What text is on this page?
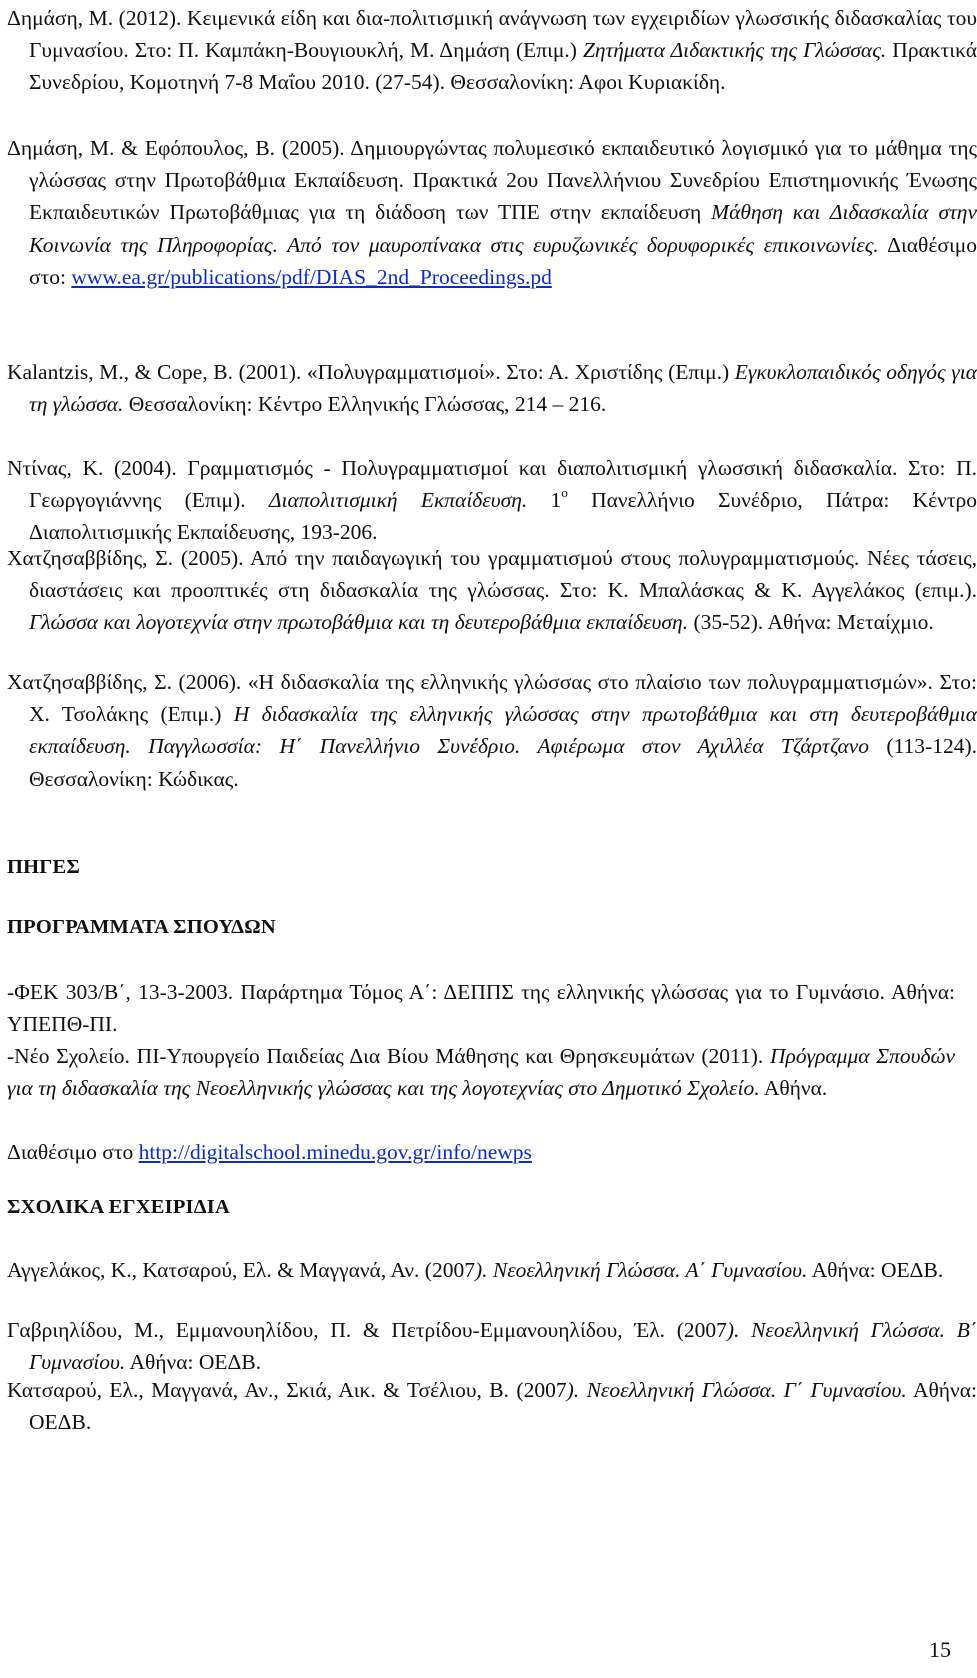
Δημάση, Μ. (2012). Κειμενικά είδη και δια-πολιτισμική ανάγνωση των εγχειριδίων γλωσσικής διδασκαλίας του Γυμνασίου. Στο: Π. Καμπάκη-Βουγιουκλή, Μ. Δημάση (Επιμ.) Ζητήματα Διδακτικής της Γλώσσας. Πρακτικά Συνεδρίου, Κομοτηνή 7-8 Μαΐου 2010. (27-54). Θεσσαλονίκη: Αφοι Κυριακίδη.

Δημάση, Μ. & Εφόπουλος, Β. (2005). Δημιουργώντας πολυμεσικό εκπαιδευτικό λογισμικό για το μάθημα της γλώσσας στην Πρωτοβάθμια Εκπαίδευση. Πρακτικά 2ου Πανελλήνιου Συνεδρίου Επιστημονικής Ένωσης Εκπαιδευτικών Πρωτοβάθμιας για τη διάδοση των ΤΠΕ στην εκπαίδευση Μάθηση και Διδασκαλία στην Κοινωνία της Πληροφορίας. Από τον μαυροπίνακα στις ευρυζωνικές δορυφορικές επικοινωνίες. Διαθέσιμο στο: www.ea.gr/publications/pdf/DIAS_2nd_Proceedings.pd

Kalantzis, M., & Cope, B. (2001). «Πολυγραμματισμοί». Στο: Α. Χριστίδης (Επιμ.) Εγκυκλοπαιδικός οδηγός για τη γλώσσα. Θεσσαλονίκη: Κέντρο Ελληνικής Γλώσσας, 214 – 216.

Ντίνας, Κ. (2004). Γραμματισμός - Πολυγραμματισμοί και διαπολιτισμική γλωσσική διδασκαλία. Στο: Π. Γεωργογιάννης (Επιμ). Διαπολιτισμική Εκπαίδευση. $1^o$ Πανελλήνιο Συνέδριο, Πάτρα: Κέντρο Διαπολιτισμικής Εκπαίδευσης, 193-206.

Χατζησαββίδης, Σ. (2005). Από την παιδαγωγική του γραμματισμού στους πολυγραμματισμούς. Νέες τάσεις, διαστάσεις και προοπτικές στη διδασκαλία της γλώσσας. Στο: Κ. Μπαλάσκας & Κ. Αγγελάκος (επιμ.). Γλώσσα και λογοτεχνία στην πρωτοβάθμια και τη δευτεροβάθμια εκπαίδευση. (35-52). Αθήνα: Μεταίχμιο.

Χατζησαββίδης, Σ. (2006). «Η διδασκαλία της ελληνικής γλώσσας στο πλαίσιο των πολυγραμματισμών». Στο: Χ. Τσολάκης (Επιμ.) Η διδασκαλία της ελληνικής γλώσσας στην πρωτοβάθμια και στη δευτεροβάθμια εκπαίδευση. Παγγλωσσία: Η΄ Πανελλήνιο Συνέδριο. Αφιέρωμα στον Αχιλλέα Τζάρτζανο (113-124). Θεσσαλονίκη: Κώδικας.

ΠΗΓΕΣ
ΠΡΟΓΡΑΜΜΑΤΑ ΣΠΟΥΔΩΝ

-ΦΕΚ 303/Β΄, 13-3-2003. Παράρτημα Τόμος Α΄: ΔΕΠΠΣ της ελληνικής γλώσσας για το Γυμνάσιο. Αθήνα: ΥΠΕΠΘ-ΠΙ.

-Νέο Σχολείο. ΠΙ-Υπουργείο Παιδείας Δια Βίου Μάθησης και Θρησκευμάτων (2011). Πρόγραμμα Σπουδών για τη διδασκαλία της Νεοελληνικής γλώσσας και της λογοτεχνίας στο Δημοτικό Σχολείο. Αθήνα.

Διαθέσιμο στο http://digitalschool.minedu.gov.gr/info/newps

ΣΧΟΛΙΚΑ ΕΓΧΕΙΡΙΔΙΑ

Αγγελάκος, Κ., Κατσαρού, Ελ. & Μαγγανά, Αν. (2007). Νεοελληνική Γλώσσα. Α΄ Γυμνασίου. Αθήνα: ΟΕΔΒ.

Γαβριηλίδου, Μ., Εμμανουηλίδου, Π. & Πετρίδου-Εμμανουηλίδου, Έλ. (2007). Νεοελληνική Γλώσσα. Β΄ Γυμνασίου. Αθήνα: ΟΕΔΒ.

Κατσαρού, Ελ., Μαγγανά, Αν., Σκιά, Αικ. & Τσέλιου, Β. (2007). Νεοελληνική Γλώσσα. Γ΄ Γυμνασίου. Αθήνα: ΟΕΔΒ.

15
